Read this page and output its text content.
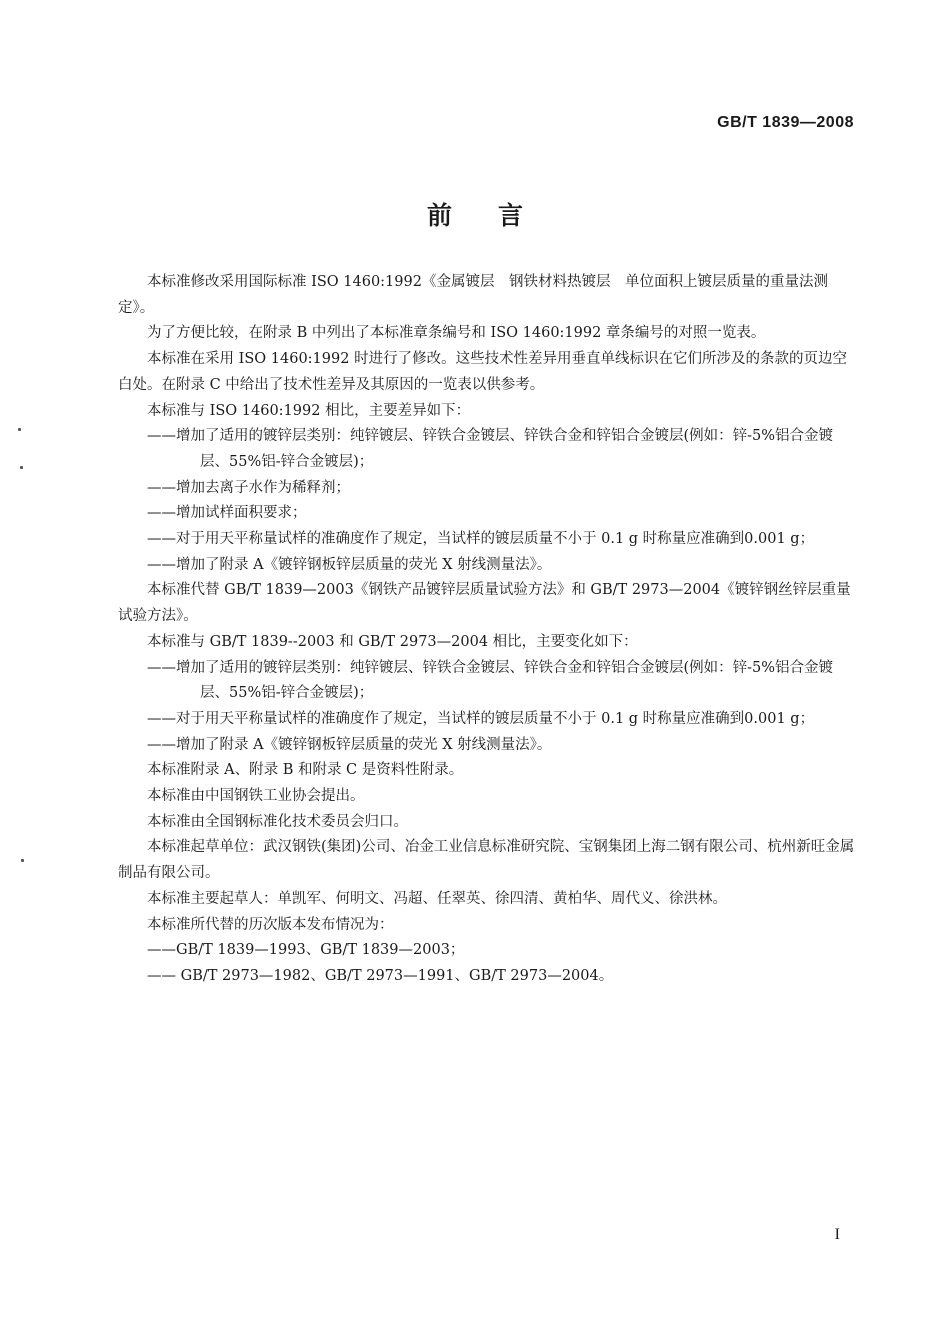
GB/T 1839—2008
前言

本标准修改采用国际标准 ISO 1460:1992《金属镀层　钢铁材料热镀层　单位面积上镀层质量的重量法测定》。

为了方便比较，在附录 B 中列出了本标准章条编号和 ISO 1460:1992 章条编号的对照一览表。

本标准在采用 ISO 1460:1992 时进行了修改。这些技术性差异用垂直单线标识在它们所涉及的条款的页边空白处。在附录 C 中给出了技术性差异及其原因的一览表以供参考。

本标准与 ISO 1460:1992 相比，主要差异如下：

——增加了适用的镀锌层类别：纯锌镀层、锌铁合金镀层、锌铁合金和锌铝合金镀层(例如：锌-5%铝合金镀层、55%铝-锌合金镀层)；

——增加去离子水作为稀释剂；

——增加试样面积要求；

——对于用天平称量试样的准确度作了规定，当试样的镀层质量不小于 0.1 g 时称量应准确到0.001 g；

——增加了附录 A《镀锌钢板锌层质量的荧光 X 射线测量法》。

本标准代替 GB/T 1839—2003《钢铁产品镀锌层质量试验方法》和 GB/T 2973—2004《镀锌钢丝锌层重量试验方法》。

本标准与 GB/T 1839--2003 和 GB/T 2973—2004 相比，主要变化如下：

——增加了适用的镀锌层类别：纯锌镀层、锌铁合金镀层、锌铁合金和锌铝合金镀层(例如：锌-5%铝合金镀层、55%铝-锌合金镀层)；

——对于用天平称量试样的准确度作了规定，当试样的镀层质量不小于 0.1 g 时称量应准确到0.001 g；

——增加了附录 A《镀锌钢板锌层质量的荧光 X 射线测量法》。

本标准附录 A、附录 B 和附录 C 是资料性附录。

本标准由中国钢铁工业协会提出。

本标准由全国钢标准化技术委员会归口。

本标准起草单位：武汉钢铁(集团)公司、冶金工业信息标准研究院、宝钢集团上海二钢有限公司、杭州新旺金属制品有限公司。

本标准主要起草人：单凯军、何明文、冯超、任翠英、徐四清、黄柏华、周代义、徐洪林。

本标准所代替的历次版本发布情况为：

——GB/T 1839—1993、GB/T 1839—2003；

—— GB/T 2973—1982、GB/T 2973—1991、GB/T 2973—2004。

I
